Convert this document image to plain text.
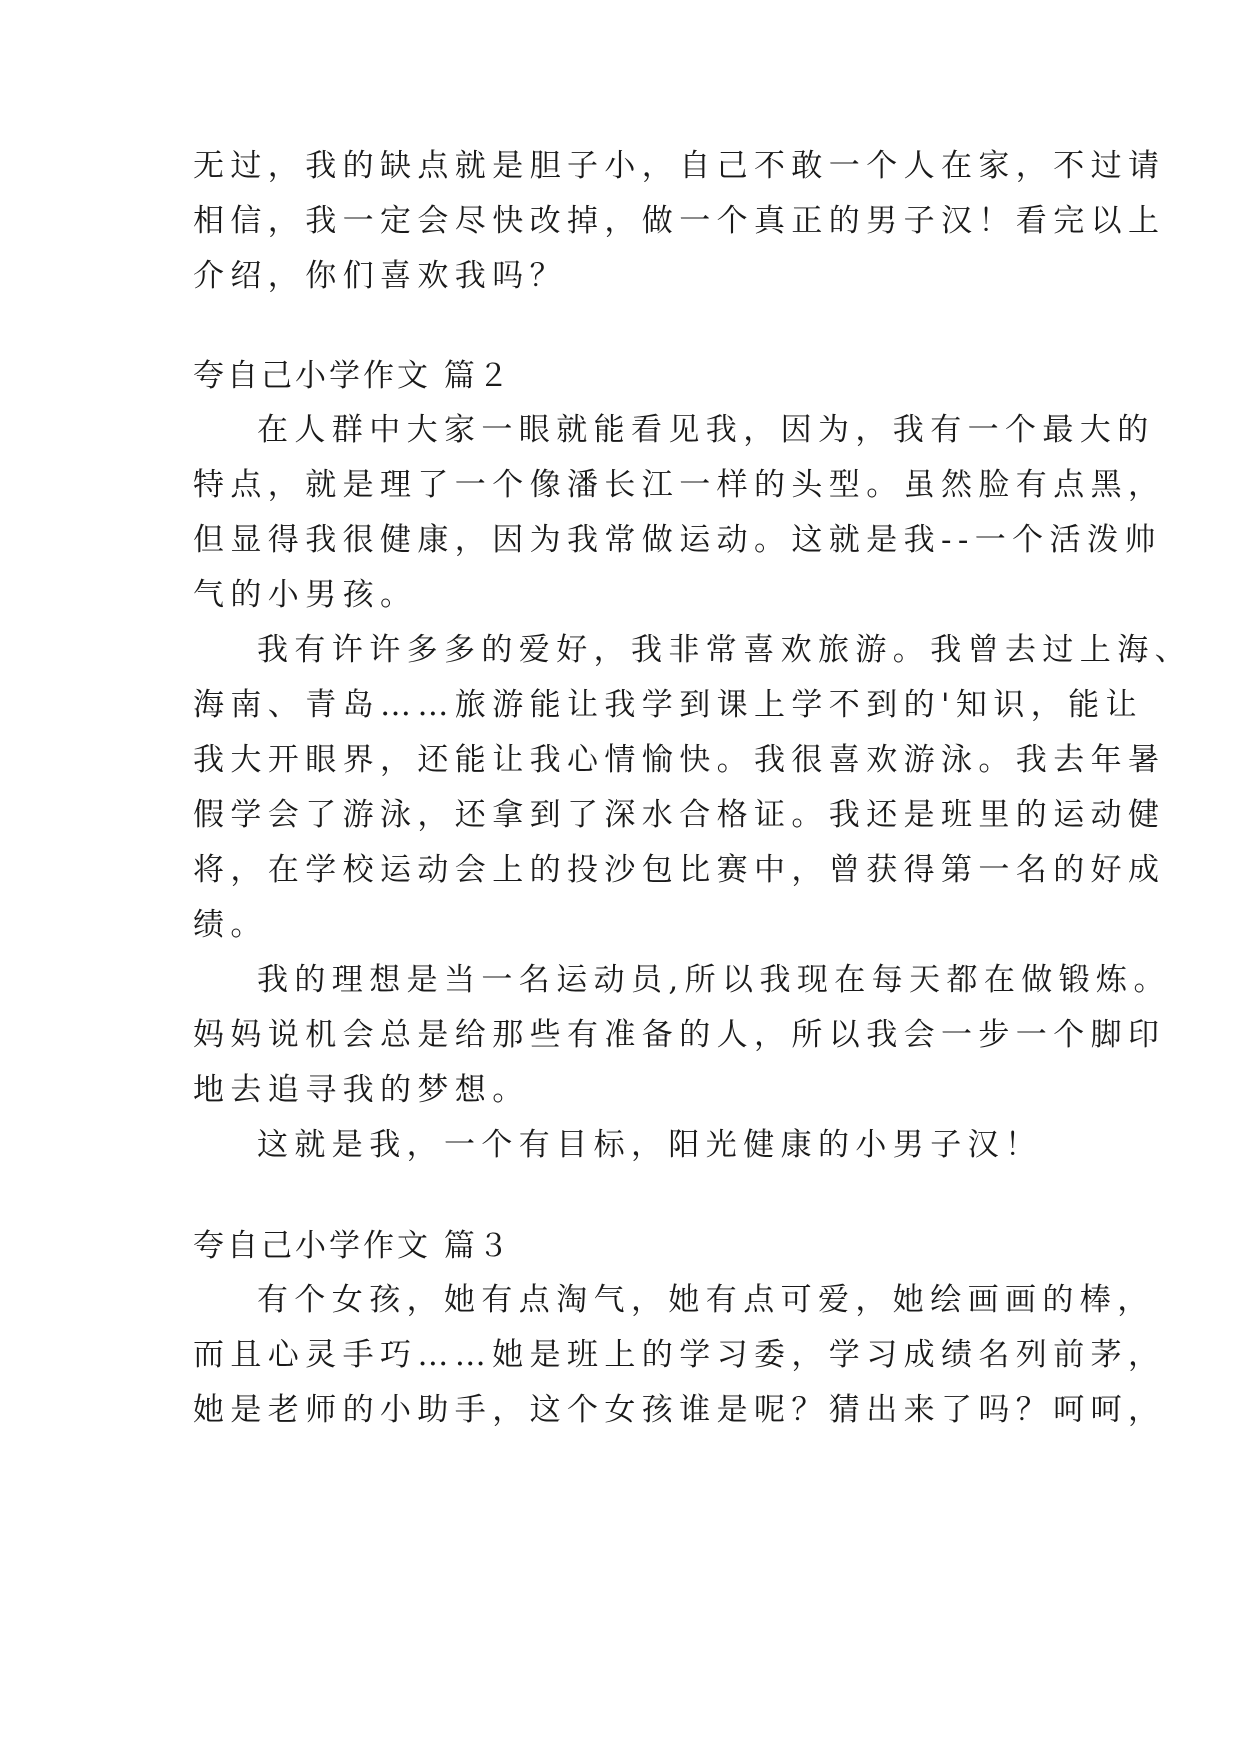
无过，我的缺点就是胆子小，自己不敢一个人在家，不过请
相信，我一定会尽快改掉，做一个真正的男子汉！看完以上
介绍，你们喜欢我吗？
夸自己小学作文 篇２
在人群中大家一眼就能看见我，因为，我有一个最大的
特点，就是理了一个像潘长江一样的头型。虽然脸有点黑，
但显得我很健康，因为我常做运动。这就是我--一个活泼帅
气的小男孩。
我有许许多多的爱好，我非常喜欢旅游。我曾去过上海、
海南、青岛……旅游能让我学到课上学不到的'知识，能让
我大开眼界，还能让我心情愉快。我很喜欢游泳。我去年暑
假学会了游泳，还拿到了深水合格证。我还是班里的运动健
将，在学校运动会上的投沙包比赛中，曾获得第一名的好成
绩。
我的理想是当一名运动员,所以我现在每天都在做锻炼。
妈妈说机会总是给那些有准备的人，所以我会一步一个脚印
地去追寻我的梦想。
这就是我，一个有目标，阳光健康的小男子汉！
夸自己小学作文 篇３
有个女孩，她有点淘气，她有点可爱，她绘画画的棒，
而且心灵手巧……她是班上的学习委，学习成绩名列前茅，
她是老师的小助手，这个女孩谁是呢？猜出来了吗？呵呵，
